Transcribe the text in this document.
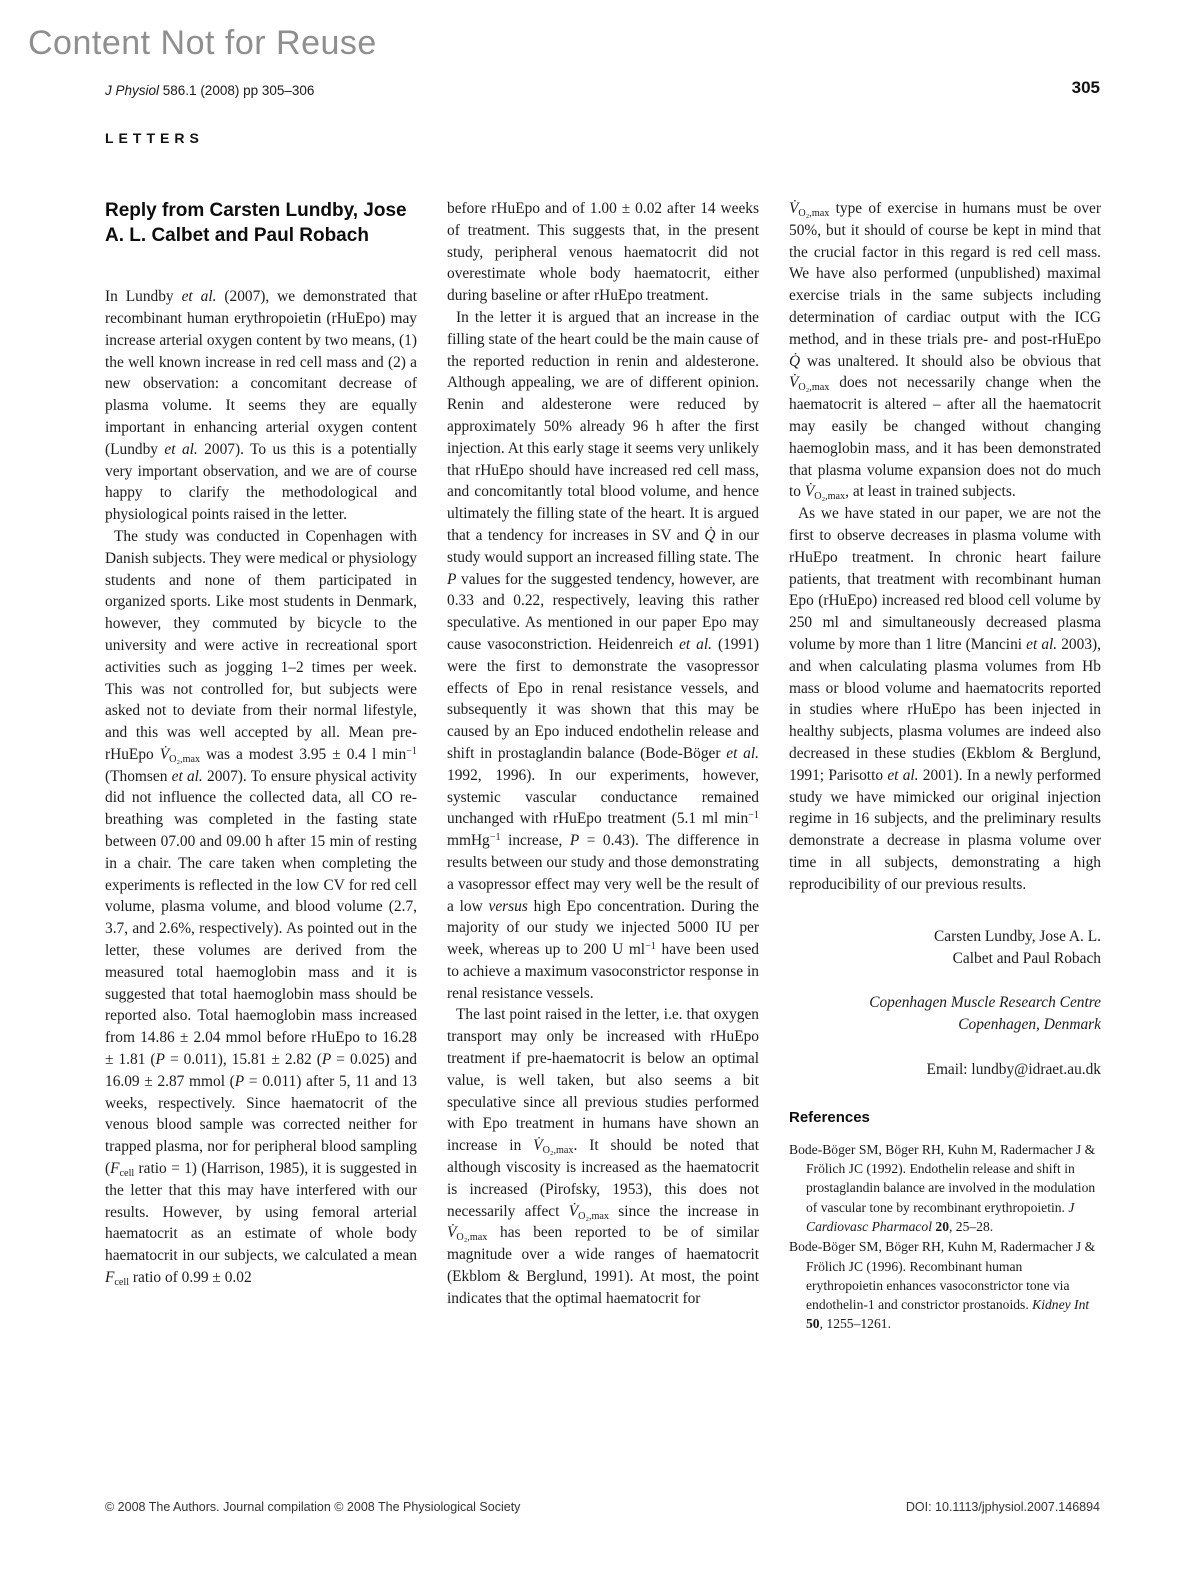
Content Not for Reuse
J Physiol 586.1 (2008) pp 305–306	305
LETTERS
Reply from Carsten Lundby, Jose
A. L. Calbet and Paul Robach

In Lundby et al. (2007), we demonstrated that recombinant human erythropoietin (rHuEpo) may increase arterial oxygen content by two means, (1) the well known increase in red cell mass and (2) a new observation: a concomitant decrease of plasma volume. It seems they are equally important in enhancing arterial oxygen content (Lundby et al. 2007). To us this is a potentially very important observation, and we are of course happy to clarify the methodological and physiological points raised in the letter.

The study was conducted in Copenhagen with Danish subjects. They were medical or physiology students and none of them participated in organized sports. Like most students in Denmark, however, they commuted by bicycle to the university and were active in recreational sport activities such as jogging 1–2 times per week. This was not controlled for, but subjects were asked not to deviate from their normal lifestyle, and this was well accepted by all. Mean pre-rHuEpo $V̇_{O_2,max}$ was a modest 3.95 ± 0.4 l $\min^{-1}$ (Thomsen et al. 2007). To ensure physical activity did not influence the collected data, all CO re-breathing was completed in the fasting state between 07.00 and 09.00 h after 15 min of resting in a chair. The care taken when completing the experiments is reflected in the low CV for red cell volume, plasma volume, and blood volume (2.7, 3.7, and 2.6%, respectively). As pointed out in the letter, these volumes are derived from the measured total haemoglobin mass and it is suggested that total haemoglobin mass should be reported also. Total haemoglobin mass increased from 14.86 ± 2.04 mmol before rHuEpo to 16.28 ± 1.81 (P = 0.011), 15.81 ± 2.82 (P = 0.025) and 16.09 ± 2.87 mmol (P = 0.011) after 5, 11 and 13 weeks, respectively. Since haematocrit of the venous blood sample was corrected neither for trapped plasma, nor for peripheral blood sampling ($F_{cell}$ ratio = 1) (Harrison, 1985), it is suggested in the letter that this may have interfered with our results. However, by using femoral arterial haematocrit as an estimate of whole body haematocrit in our subjects, we calculated a mean $F_{cell}$ ratio of 0.99 ± 0.02

before rHuEpo and of 1.00 ± 0.02 after 14 weeks of treatment. This suggests that, in the present study, peripheral venous haematocrit did not overestimate whole body haematocrit, either during baseline or after rHuEpo treatment.

In the letter it is argued that an increase in the filling state of the heart could be the main cause of the reported reduction in renin and aldesterone. Although appealing, we are of different opinion. Renin and aldesterone were reduced by approximately 50% already 96 h after the first injection. At this early stage it seems very unlikely that rHuEpo should have increased red cell mass, and concomitantly total blood volume, and hence ultimately the filling state of the heart. It is argued that a tendency for increases in SV and Q̇ in our study would support an increased filling state. The P values for the suggested tendency, however, are 0.33 and 0.22, respectively, leaving this rather speculative. As mentioned in our paper Epo may cause vasoconstriction. Heidenreich et al. (1991) were the first to demonstrate the vasopressor effects of Epo in renal resistance vessels, and subsequently it was shown that this may be caused by an Epo induced endothelin release and shift in prostaglandin balance (Bode-Böger et al. 1992, 1996). In our experiments, however, systemic vascular conductance remained unchanged with rHuEpo treatment (5.1 ml $\min^{-1}$ mmHg$^{-1}$ increase, P = 0.43). The difference in results between our study and those demonstrating a vasopressor effect may very well be the result of a low versus high Epo concentration. During the majority of our study we injected 5000 IU per week, whereas up to 200 U $ml^{-1}$ have been used to achieve a maximum vasoconstrictor response in renal resistance vessels.

The last point raised in the letter, i.e. that oxygen transport may only be increased with rHuEpo treatment if pre-haematocrit is below an optimal value, is well taken, but also seems a bit speculative since all previous studies performed with Epo treatment in humans have shown an increase in $V̇_{O_2,max}$. It should be noted that although viscosity is increased as the haematocrit is increased (Pirofsky, 1953), this does not necessarily affect $V̇_{O_2,max}$ since the increase in $V̇_{O_2,max}$ has been reported to be of similar magnitude over a wide ranges of haematocrit (Ekblom & Berglund, 1991). At most, the point indicates that the optimal haematocrit for

$V̇_{O_2,max}$ type of exercise in humans must be over 50%, but it should of course be kept in mind that the crucial factor in this regard is red cell mass. We have also performed (unpublished) maximal exercise trials in the same subjects including determination of cardiac output with the ICG method, and in these trials pre- and post-rHuEpo Q̇ was unaltered. It should also be obvious that $V̇_{O_2,max}$ does not necessarily change when the haematocrit is altered – after all the haematocrit may easily be changed without changing haemoglobin mass, and it has been demonstrated that plasma volume expansion does not do much to $V̇_{O_2,max}$, at least in trained subjects.

As we have stated in our paper, we are not the first to observe decreases in plasma volume with rHuEpo treatment. In chronic heart failure patients, that treatment with recombinant human Epo (rHuEpo) increased red blood cell volume by 250 ml and simultaneously decreased plasma volume by more than 1 litre (Mancini et al. 2003), and when calculating plasma volumes from Hb mass or blood volume and haematocrits reported in studies where rHuEpo has been injected in healthy subjects, plasma volumes are indeed also decreased in these studies (Ekblom & Berglund, 1991; Parisotto et al. 2001). In a newly performed study we have mimicked our original injection regime in 16 subjects, and the preliminary results demonstrate a decrease in plasma volume over time in all subjects, demonstrating a high reproducibility of our previous results.

Carsten Lundby, Jose A. L.
Calbet and Paul Robach
Copenhagen Muscle Research Centre
Copenhagen, Denmark
Email: lundby@idraet.au.dk
References

Bode-Böger SM, Böger RH, Kuhn M, Radermacher J & Frölich JC (1992). Endothelin release and shift in prostaglandin balance are involved in the modulation of vascular tone by recombinant erythropoietin. J Cardiovasc Pharmacol 20, 25–28.

Bode-Böger SM, Böger RH, Kuhn M, Radermacher J & Frölich JC (1996). Recombinant human erythropoietin enhances vasoconstrictor tone via endothelin-1 and constrictor prostanoids. Kidney Int 50, 1255–1261.

© 2008 The Authors. Journal compilation © 2008 The Physiological Society	DOI: 10.1113/jphysiol.2007.146894
